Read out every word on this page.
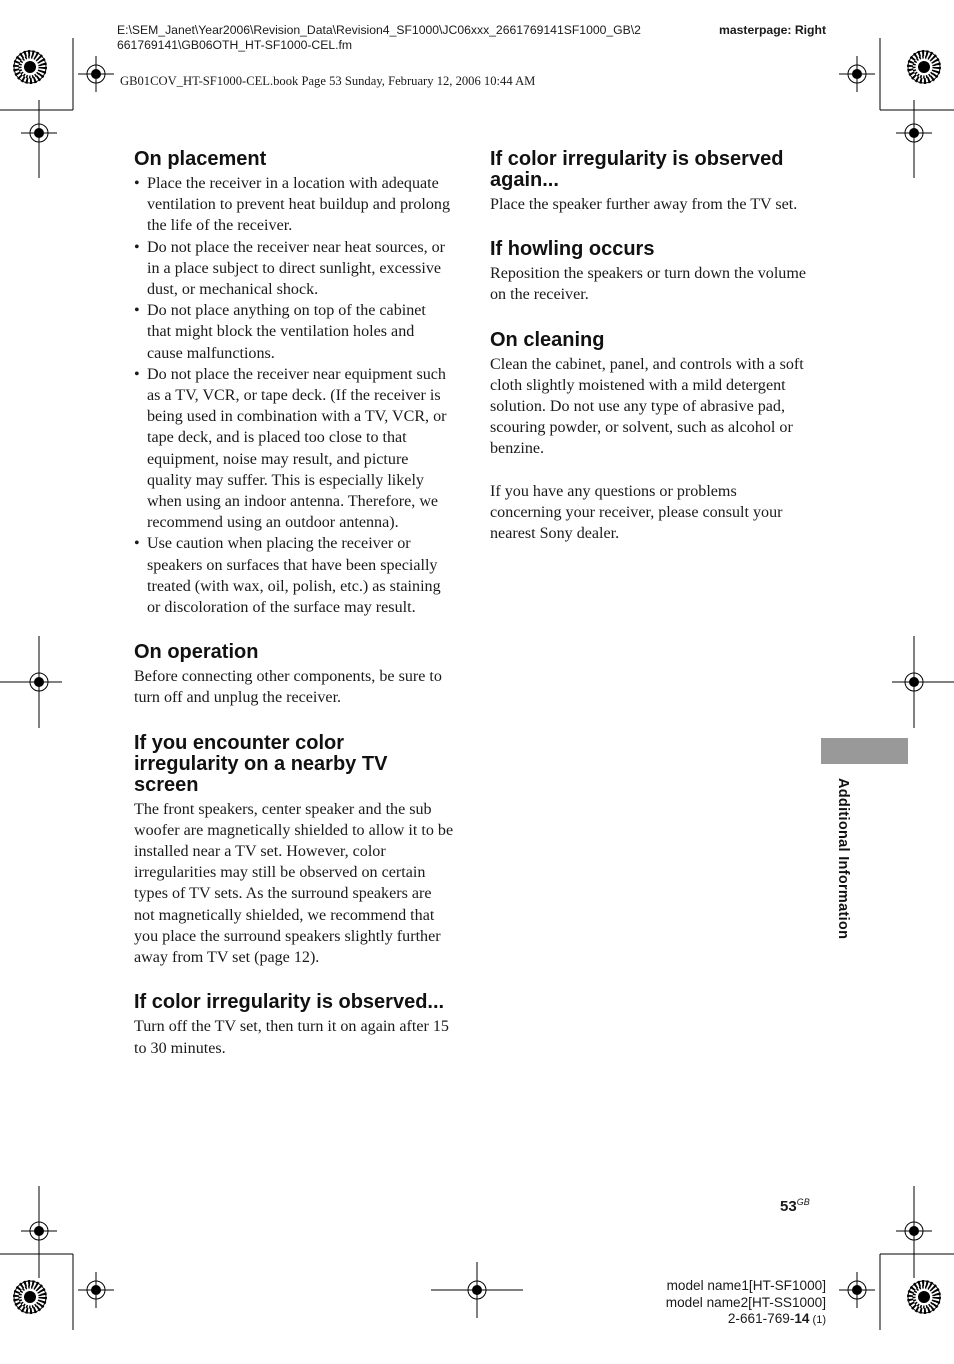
E:\SEM_Janet\Year2006\Revision_Data\Revision4_SF1000\JC06xxx_2661769141SF1000_GB\2
661769141\GB06OTH_HT-SF1000-CEL.fm
masterpage: Right
GB01COV_HT-SF1000-CEL.book Page 53 Sunday, February 12, 2006 10:44 AM
On placement
• Place the receiver in a location with adequate ventilation to prevent heat buildup and prolong the life of the receiver.
• Do not place the receiver near heat sources, or in a place subject to direct sunlight, excessive dust, or mechanical shock.
• Do not place anything on top of the cabinet that might block the ventilation holes and cause malfunctions.
• Do not place the receiver near equipment such as a TV, VCR, or tape deck. (If the receiver is being used in combination with a TV, VCR, or tape deck, and is placed too close to that equipment, noise may result, and picture quality may suffer. This is especially likely when using an indoor antenna. Therefore, we recommend using an outdoor antenna).
• Use caution when placing the receiver or speakers on surfaces that have been specially treated (with wax, oil, polish, etc.) as staining or discoloration of the surface may result.
On operation

Before connecting other components, be sure to turn off and unplug the receiver.

If you encounter color irregularity on a nearby TV screen

The front speakers, center speaker and the sub woofer are magnetically shielded to allow it to be installed near a TV set. However, color irregularities may still be observed on certain types of TV sets. As the surround speakers are not magnetically shielded, we recommend that you place the surround speakers slightly further away from TV set (page 12).

If color irregularity is observed...

Turn off the TV set, then turn it on again after 15 to 30 minutes.

If color irregularity is observed again...

Place the speaker further away from the TV set.

If howling occurs

Reposition the speakers or turn down the volume on the receiver.

On cleaning

Clean the cabinet, panel, and controls with a soft cloth slightly moistened with a mild detergent solution. Do not use any type of abrasive pad, scouring powder, or solvent, such as alcohol or benzine.

If you have any questions or problems concerning your receiver, please consult your nearest Sony dealer.

Additional Information
$53^{GB}$
model name1[HT-SF1000]
model name2[HT-SS1000]
2-661-769-14 (1)
